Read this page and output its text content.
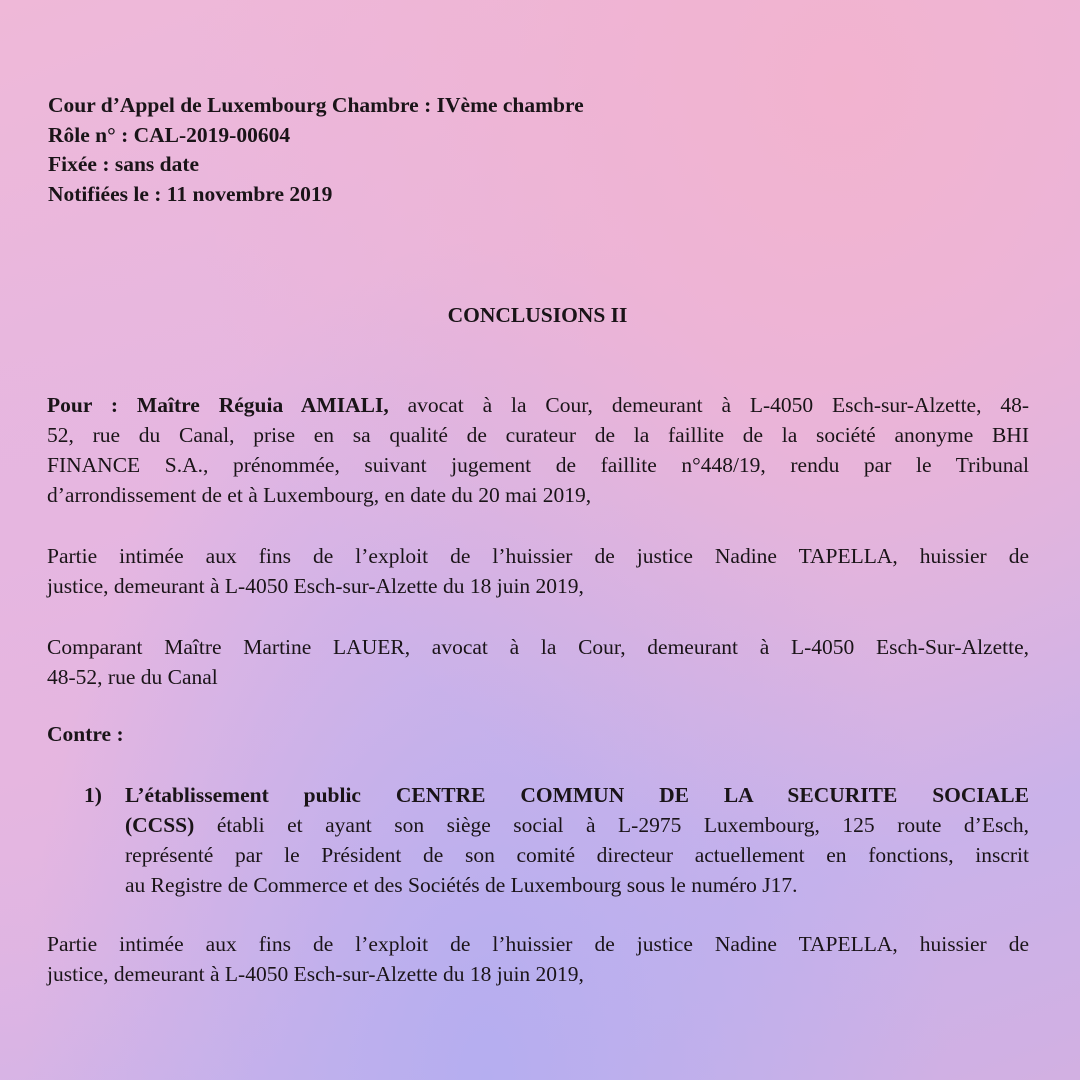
Cour d’Appel de Luxembourg Chambre : IVème chambre
Rôle n° : CAL-2019-00604
Fixée : sans date
Notifiées le : 11 novembre 2019
CONCLUSIONS II
Pour : Maître Réguia AMIALI, avocat à la Cour, demeurant à L-4050 Esch-sur-Alzette, 48-
52, rue du Canal, prise en sa qualité de curateur de la faillite de la société anonyme BHI
FINANCE S.A., prénommée, suivant jugement de faillite n°448/19, rendu par le Tribunal
d’arrondissement de et à Luxembourg, en date du 20 mai 2019,
Partie intimée aux fins de l’exploit de l’huissier de justice Nadine TAPELLA, huissier de
justice, demeurant à L-4050 Esch-sur-Alzette du 18 juin 2019,
Comparant Maître Martine LAUER, avocat à la Cour, demeurant à L-4050 Esch-Sur-Alzette,
48-52, rue du Canal
Contre :
1) L’établissement public CENTRE COMMUN DE LA SECURITE SOCIALE
(CCSS) établi et ayant son siège social à L-2975 Luxembourg, 125 route d’Esch,
représenté par le Président de son comité directeur actuellement en fonctions, inscrit
au Registre de Commerce et des Sociétés de Luxembourg sous le numéro J17.
Partie intimée aux fins de l’exploit de l’huissier de justice Nadine TAPELLA, huissier de
justice, demeurant à L-4050 Esch-sur-Alzette du 18 juin 2019,
